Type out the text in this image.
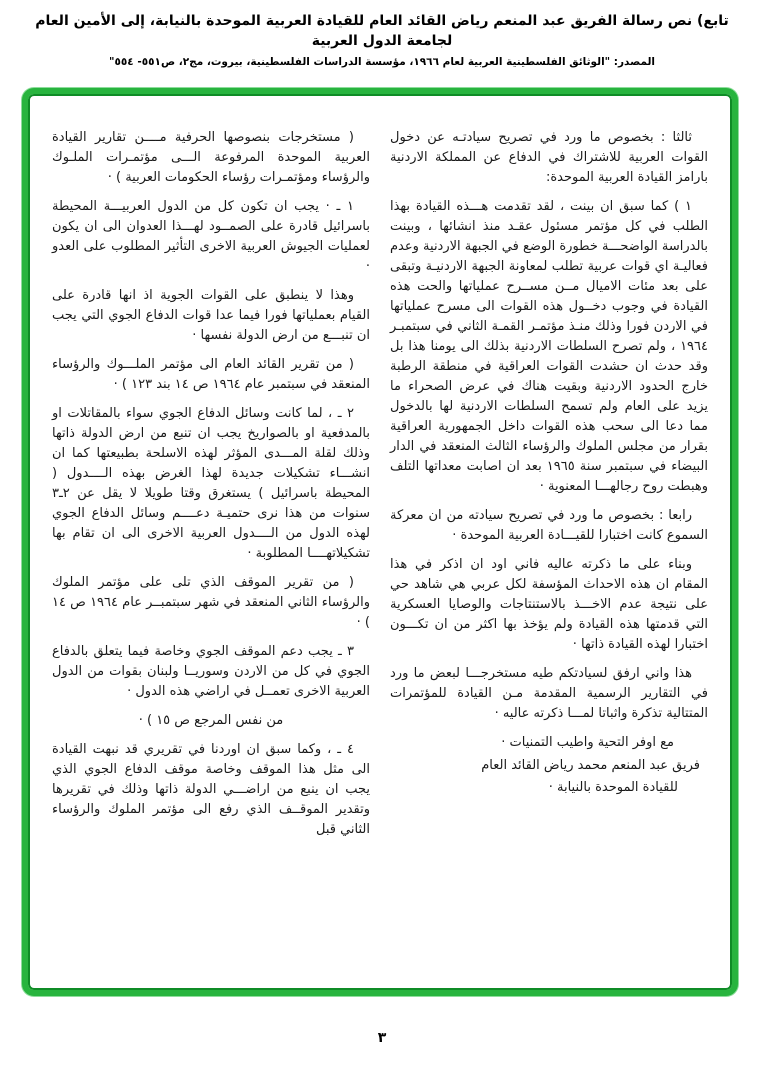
تابع) نص رسالة الفريق عبد المنعم رياض القائد العام للقيادة العربية الموحدة بالنيابة، إلى الأمين العام لجامعة الدول العربية
المصدر: "الوثائق الفلسطينية العربية لعام ١٩٦٦، مؤسسة الدراسات الفلسطينية، بيروت، مج٢، ص٥٥١- ٥٥٤"

ثالثا : بخصوص ما ورد في تصريح سيادتـه عن دخول القوات العربية للاشتراك في الدفاع عن المملكة الاردنية بارامز القيادة العربية الموحدة:

١ ) كما سبق ان بينت ، لقد تقدمت هـــذه القيادة بهذا الطلب في كل مؤتمر مسئول عقـد منذ انشائها ، وبينت بالدراسة الواضحـــة خطورة الوضع في الجبهة الاردنية وعدم فعاليـة اي قوات عربية تطلب لمعاونة الجبهة الاردنيـة وتبقى على بعد مئات الاميال مــن مســرح عملياتها والحت هذه القيادة في وجوب دخــول هذه القوات الى مسرح عملياتها في الاردن فورا وذلك منـذ مؤتمـر القمـة الثاني في سبتمبـر ١٩٦٤ ، ولم تصرح السلطات الاردنية بذلك الى يومنا هذا بل وقد حدث ان حشدت القوات العراقية في منطقة الرطبة خارج الحدود الاردنية وبقيت هناك في عرض الصحراء ما يزيد على العام ولم تسمح السلطات الاردنية لها بالدخول مما دعا الى سحب هذه القوات داخل الجمهورية العراقية بقرار من مجلس الملوك والرؤساء الثالث المنعقد في الدار البيضاء في سبتمبر سنة ١٩٦٥ بعد ان اصابت معداتها التلف وهبطت روح رجالهـــا المعنوية ·

رابعا : بخصوص ما ورد في تصريح سيادته من ان معركة السموع كانت اختبارا للقيـــادة العربية الموحدة ·

وبناء على ما ذكرته عاليه فاني اود ان اذكر في هذا المقام ان هذه الاحداث المؤسفة لكل عربي هي شاهد حي على نتيجة عدم الاخـــذ بالاستنتاجات والوصايا العسكرية التي قدمتها هذه القيادة ولم يؤخذ بها اكثر من ان تكـــون اختبارا لهذه القيادة ذاتها ·

هذا واني ارفق لسيادتكم طيه مستخرجـــا لبعض ما ورد في التقارير الرسمية المقدمة مـن القيادة للمؤتمرات المتتالية تذكرة واثباتا لمـــا ذكرته عاليه ·

مع اوفر التحية واطيب التمنيات ·

فريق عبد المنعم محمد رياض القائد العام

للقيادة الموحدة بالنيابة ·

( مستخرجات بنصوصها الحرفية مــــن تقارير القيادة العربية الموحدة المرفوعة الـــى مؤتمـرات الملـوك والرؤساء ومؤتمـرات رؤساء الحكومات العربية ) ·

١ ـ · يجب ان تكون كل من الدول العربيـــة المحيطة باسرائيل قادرة على الصمــود لهـــذا العدوان الى ان يكون لعمليات الجيوش العربية الاخرى التأثير المطلوب على العدو ·

وهذا لا ينطبق على القوات الجوية اذ انها قادرة على القيام بعملياتها فورا فيما عدا قوات الدفاع الجوي التي يجب ان تنبـــع من ارض الدولة نفسها ·

( من تقرير القائد العام الى مؤتمر الملـــوك والرؤساء المنعقد في سبتمبر عام ١٩٦٤ ص ١٤ بند ١٢٣ ) ·

٢ ـ ، لما كانت وسائل الدفاع الجوي سواء بالمقاتلات او بالمدفعية او بالصواريخ يجب ان تنبع من ارض الدولة ذاتها وذلك لقلة المـــدى المؤثر لهذه الاسلحة بطبيعتها كما ان انشـــاء تشكيلات جديدة لهذا الغرض بهذه الــــدول ( المحيطة باسرائيل ) يستغرق وقتا طويلا لا يقل عن ٢ـ٣ سنوات من هذا نرى حتميـة دعــــم وسائل الدفاع الجوي لهذه الدول من الــــدول العربية الاخرى الى ان تقام بها تشكيلاتهــــا المطلوبة ·

( من تقرير الموقف الذي تلى على مؤتمر الملوك والرؤساء الثاني المنعقد في شهر سبتمبــر عام ١٩٦٤ ص ١٤ ) ·

٣ ـ يجب دعم الموقف الجوي وخاصة فيما يتعلق بالدفاع الجوي في كل من الاردن وسوريــا ولبنان بقوات من الدول العربية الاخرى تعمــل في اراضي هذه الدول ·

من نفس المرجع ص ١٥ ) ·

٤ ـ ، وكما سبق ان اوردنا في تقريري قد نبهت القيادة الى مثل هذا الموقف وخاصة موقف الدفاع الجوي الذي يجب ان ينبع من اراضـــي الدولة ذاتها وذلك في تقريرها وتقدير الموقــف الذي رفع الى مؤتمر الملوك والرؤساء الثاني قبل

٣
